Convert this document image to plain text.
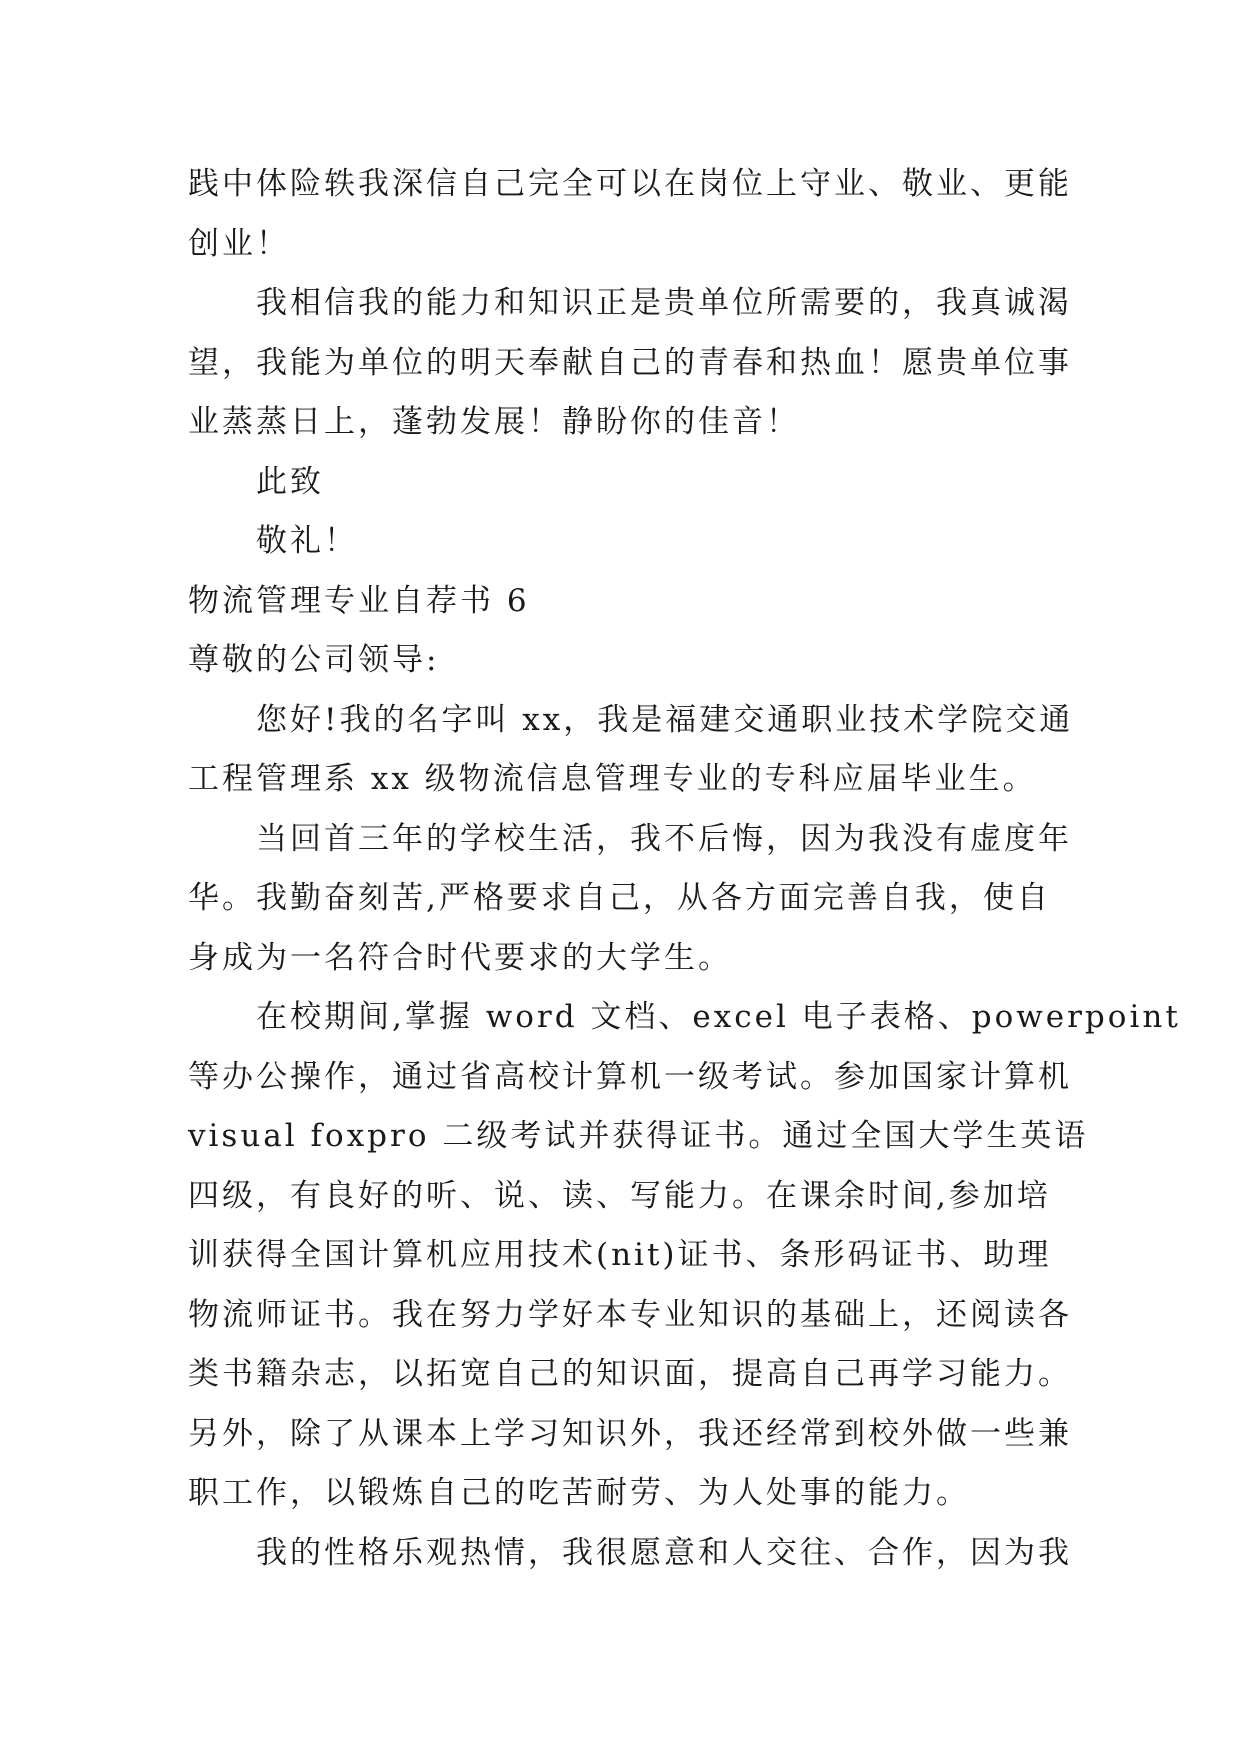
践中体险轶我深信自己完全可以在岗位上守业、敬业、更能
创业！
我相信我的能力和知识正是贵单位所需要的，我真诚渴
望，我能为单位的明天奉献自己的青春和热血！愿贵单位事
业蒸蒸日上，蓬勃发展！静盼你的佳音！
此致
敬礼！
物流管理专业自荐书 6
尊敬的公司领导:
您好!我的名字叫 xx，我是福建交通职业技术学院交通
工程管理系 xx 级物流信息管理专业的专科应届毕业生。
当回首三年的学校生活，我不后悔，因为我没有虚度年
华。我勤奋刻苦,严格要求自己，从各方面完善自我，使自
身成为一名符合时代要求的大学生。
在校期间,掌握 word 文档、excel 电子表格、powerpoint
等办公操作，通过省高校计算机一级考试。参加国家计算机
visual foxpro 二级考试并获得证书。通过全国大学生英语
四级，有良好的听、说、读、写能力。在课余时间,参加培
训获得全国计算机应用技术(nit)证书、条形码证书、助理
物流师证书。我在努力学好本专业知识的基础上，还阅读各
类书籍杂志，以拓宽自己的知识面，提高自己再学习能力。
另外，除了从课本上学习知识外，我还经常到校外做一些兼
职工作，以锻炼自己的吃苦耐劳、为人处事的能力。
我的性格乐观热情，我很愿意和人交往、合作，因为我
